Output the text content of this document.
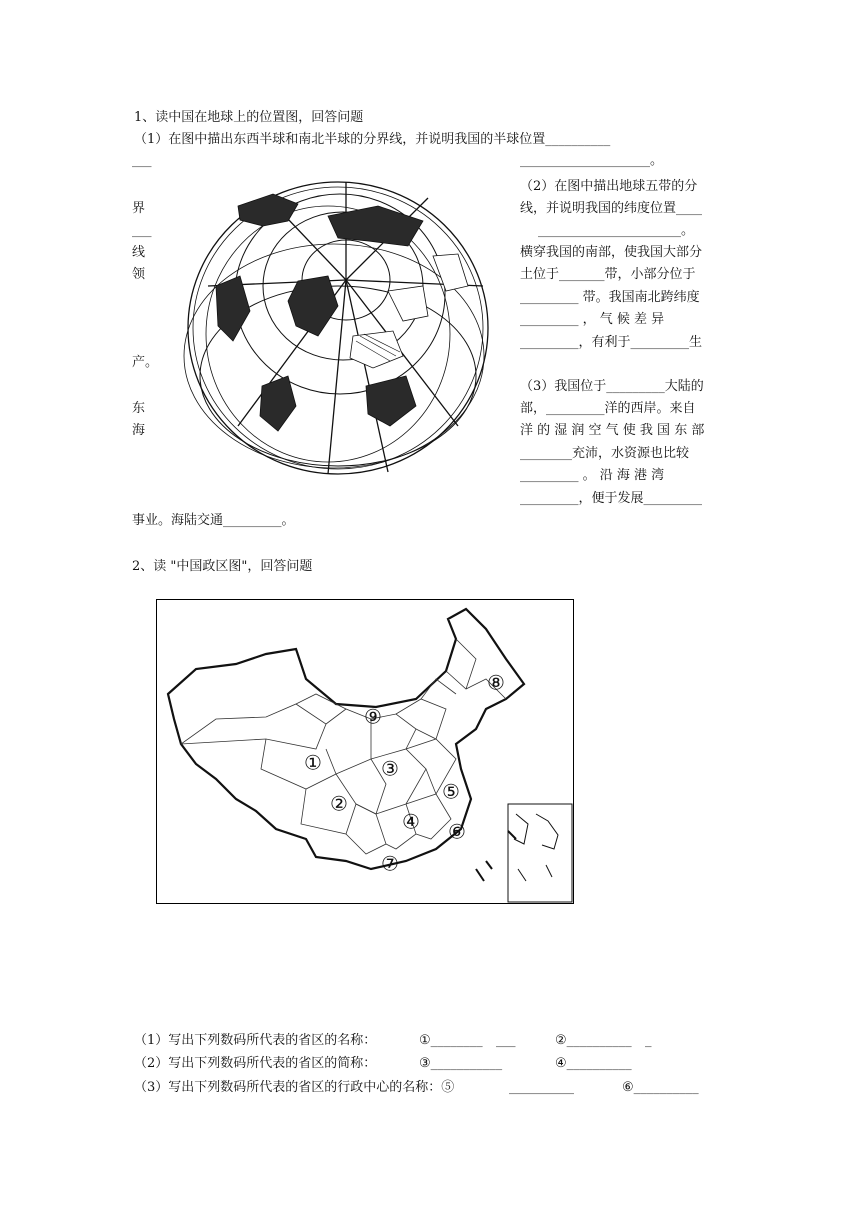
1、读中国在地球上的位置图，回答问题
（1）在图中描出东西半球和南北半球的分界线，并说明我国的半球位置__________
___	____________________。
（2）在图中描出地球五带的分
界	线，并说明我国的纬度位置____
___	______________________。
线	横穿我国的南部，使我国大部分
领	土位于_______带，小部分位于
_________ 带。我国南北跨纬度
_________ ， 气 候 差 异
_________，有利于_________生
产。
（3）我国位于_________大陆的
东	部，_________洋的西岸。来自
海	洋 的 湿 润 空 气 使 我 国 东 部
________充沛，水资源也比较
_________ 。 沿 海 港 湾
_________，便于发展_________
事业。海陆交通_________。
2、读 "中国政区图"，回答问题
①
②
③
④
⑤
⑥
⑦
⑧
⑨
（1）写出下列数码所代表的省区的名称：	①________ ___	②__________ _
（2）写出下列数码所代表的省区的简称：	③___________	④__________
（3）写出下列数码所代表的省区的行政中心的名称：⑤	__________	⑥__________
